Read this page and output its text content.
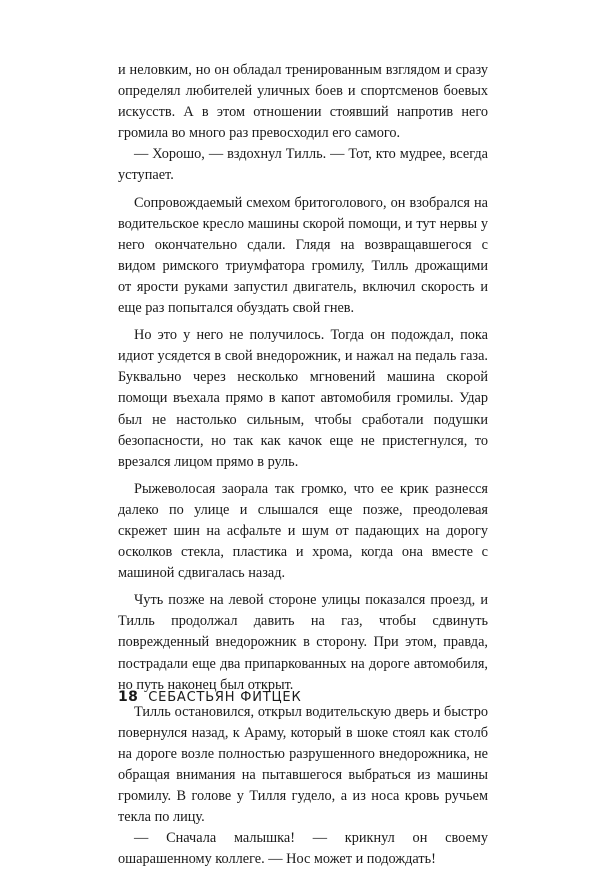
и неловким, но он обладал тренированным взглядом и сразу определял любителей уличных боев и спортсменов боевых искусств. А в этом отношении стоявший напротив него громила во много раз превосходил его самого.

— Хорошо, — вздохнул Тилль. — Тот, кто мудрее, всегда уступает.

Сопровождаемый смехом бритоголового, он взобрался на водительское кресло машины скорой помощи, и тут нервы у него окончательно сдали. Глядя на возвращавшегося с видом римского триумфатора громилу, Тилль дрожащими от ярости руками запустил двигатель, включил скорость и еще раз попытался обуздать свой гнев.

Но это у него не получилось. Тогда он подождал, пока идиот усядется в свой внедорожник, и нажал на педаль газа. Буквально через несколько мгновений машина скорой помощи въехала прямо в капот автомобиля громилы. Удар был не настолько сильным, чтобы сработали подушки безопасности, но так как качок еще не пристегнулся, то врезался лицом прямо в руль.

Рыжеволосая заорала так громко, что ее крик разнесся далеко по улице и слышался еще позже, преодолевая скрежет шин на асфальте и шум от падающих на дорогу осколков стекла, пластика и хрома, когда она вместе с машиной сдвигалась назад.

Чуть позже на левой стороне улицы показался проезд, и Тилль продолжал давить на газ, чтобы сдвинуть поврежденный внедорожник в сторону. При этом, правда, пострадали еще два припаркованных на дороге автомобиля, но путь наконец был открыт.

Тилль остановился, открыл водительскую дверь и быстро повернулся назад, к Араму, который в шоке стоял как столб на дороге возле полностью разрушенного внедорожника, не обращая внимания на пытавшегося выбраться из машины громилу. В голове у Тилля гудело, а из носа кровь ручьем текла по лицу.

— Сначала малышка! — крикнул он своему ошарашенному коллеге. — Нос может и подождать!

18 СЕБАСТЬЯН ФИТЦЕК
